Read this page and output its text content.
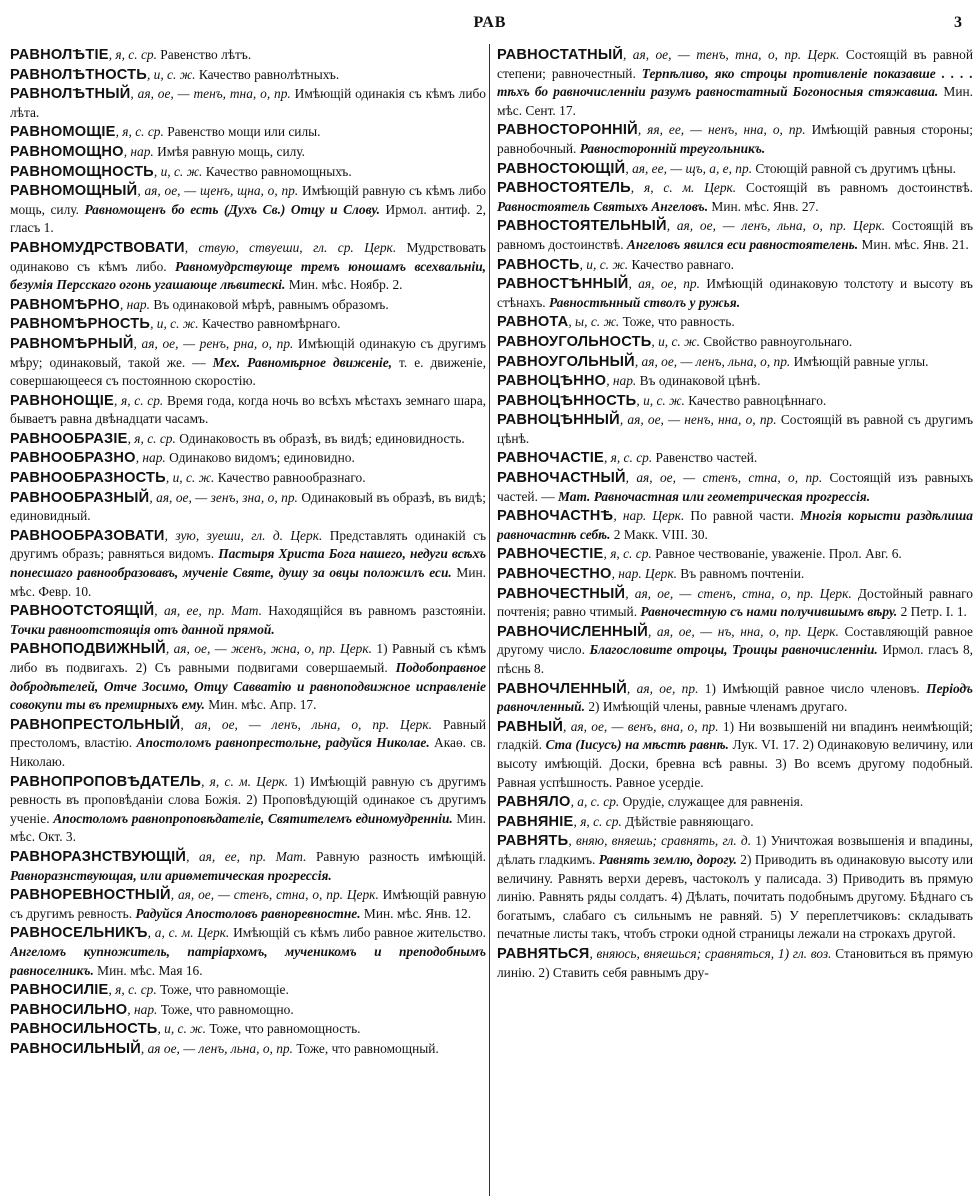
РАВ	3

РАВНОЛѢТІЕ, я, с. ср. Равенство лѣтъ.

РАВНОЛѢТНОСТЬ, и, с. ж. Качество равнолѣтныхъ.

РАВНОЛѢТНЫЙ, ая, ое, — тенъ, тна, о, пр. Имѣющій одинакія съ кѣмъ либо лѣта.

РАВНОМОЩІЕ, я, с. ср. Равенство мощи или силы.

РАВНОМОЩНО, нар. Имѣя равную мощь, силу.

РАВНОМОЩНОСТЬ, и, с. ж. Качество равномощныхъ.

РАВНОМОЩНЫЙ, ая, ое, — щенъ, щна, о, пр. Имѣющій равную съ кѣмъ либо мощь, силу. Равномощенъ бо есть (Духъ Св.) Отцу и Слову. Ирмол. антиф. 2, гласъ 1.

РАВНОМУДРСТВОВАТИ, ствую, ствуеши, гл. ср. Церк. Мудрствовать одинаково съ кѣмъ либо. Равномудрствующе тремъ юношамъ всехвальніи, безумія Персскаго огонь угашающе лѣвитескі. Мин. мѣс. Ноябр. 2.

РАВНОМѢРНО, нар. Въ одинаковой мѣрѣ, равнымъ образомъ.

РАВНОМѢРНОСТЬ, и, с. ж. Качество равномѣрнаго.

РАВНОМѢРНЫЙ, ая, ое, — ренъ, рна, о, пр. Имѣющій одинакую съ другимъ мѣру; одинаковый, такой же. — Мех. Равномѣрное движеніе, т. е. движеніе, совершающееся съ постоянною скоростію.

РАВНОНОЩІЕ, я, с. ср. Время года, когда ночь во всѣхъ мѣстахъ земнаго шара, бываетъ равна двѣнадцати часамъ.

РАВНООБРАЗІЕ, я, с. ср. Одинаковость въ образѣ, въ видѣ; единовидность.

РАВНООБРАЗНО, нар. Одинаково видомъ; единовидно.

РАВНООБРАЗНОСТЬ, и, с. ж. Качество равнообразнаго.

РАВНООБРАЗНЫЙ, ая, ое, — зенъ, зна, о, пр. Одинаковый въ образѣ, въ видѣ; единовидный.

РАВНООБРАЗОВАТИ, зую, зуеши, гл. д. Церк. Представлять одинакій съ другимъ образъ; равняться видомъ. Пастыря Христа Бога нашего, недуги всѣхъ понесшаго равнообразовавъ, мученіе Святе, душу за овцы положилъ еси. Мин. мѣс. Февр. 10.

РАВНООТСТОЯЩІЙ, ая, ее, пр. Мат. Находящійся въ равномъ разстояніи. Точки равноотстоящія отъ данной прямой.

РАВНОПОДВИЖНЫЙ, ая, ое, — женъ, жна, о, пр. Церк. 1) Равный съ кѣмъ либо въ подвигахъ. 2) Съ равными подвигами совершаемый. Подобоправное добродѣтелей, Отче Зосимо, Отцу Савватію и равноподвижное исправленіе совокупи ты въ премирныхъ ему. Мин. мѣс. Апр. 17.

РАВНОПРЕСТОЛЬНЫЙ, ая, ое, — ленъ, льна, о, пр. Церк. Равный престоломъ, властію. Апостоломъ равнопрестольне, радуйся Николае. Акаѳ. св. Николаю.

РАВНОПРОПОВѢДАТЕЛЬ, я, с. м. Церк. 1) Имѣющій равную съ другимъ ревность въ проповѣданіи слова Божія. 2) Проповѣдующій одинакое съ другимъ ученіе. Апостоломъ равнопроповѣдателіе, Святителемъ единомудренніи. Мин. мѣс. Окт. 3.

РАВНОРАЗНСТВУЮЩІЙ, ая, ее, пр. Мат. Равную разность имѣющій. Равноразнствующая, или ариѳметическая прогрессія.

РАВНОРЕВНОСТНЫЙ, ая, ое, — стенъ, стна, о, пр. Церк. Имѣющій равную съ другимъ ревность. Радуйся Апостоловъ равноревностне. Мин. мѣс. Янв. 12.

РАВНОСЕЛЬНИКЪ, а, с. м. Церк. Имѣющій съ кѣмъ либо равное жительство. Ангеломъ купножитель, патріархомъ, мученикомъ и преподобнымъ равноселникъ. Мин. мѣс. Мая 16.

РАВНОСИЛІЕ, я, с. ср. Тоже, что равномощіе.

РАВНОСИЛЬНО, нар. Тоже, что равномощно.

РАВНОСИЛЬНОСТЬ, и, с. ж. Тоже, что равномощность.

РАВНОСИЛЬНЫЙ, ая ое, — ленъ, льна, о, пр. Тоже, что равномощный.

РАВНОСТАТНЫЙ, ая, ое, — тенъ, тна, о, пр. Церк. Состоящій въ равной степени; равночестный. Терпѣливо, яко строцы противленіе показавше . . . . тѣхъ бо равночисленніи разумъ равностатный Богоносныя стяжавша. Мин. мѣс. Сент. 17.

РАВНОСТОРОННІЙ, яя, ее, — ненъ, нна, о, пр. Имѣющій равныя стороны; равнобочный. Равносторонній треугольникъ.

РАВНОСТОЮЩІЙ, ая, ее, — щъ, а, е, пр. Стоющій равной съ другимъ цѣны.

РАВНОСТОЯТЕЛЬ, я, с. м. Церк. Состоящій въ равномъ достоинствѣ. Равностоятель Святыхъ Ангеловъ. Мин. мѣс. Янв. 27.

РАВНОСТОЯТЕЛЬНЫЙ, ая, ое, — ленъ, льна, о, пр. Церк. Состоящій въ равномъ достоинствѣ. Ангеловъ явился еси равностоятелень. Мин. мѣс. Янв. 21.

РАВНОСТЬ, и, с. ж. Качество равнаго.

РАВНОСТѢННЫЙ, ая, ое, пр. Имѣющій одинаковую толстоту и высоту въ стѣнахъ. Равностѣнный стволъ у ружья.

РАВНОТА, ы, с. ж. Тоже, что равность.

РАВНОУГОЛЬНОСТЬ, и, с. ж. Свойство равноугольнаго.

РАВНОУГОЛЬНЫЙ, ая, ое, — ленъ, льна, о, пр. Имѣющій равные углы.

РАВНОЦѢННО, нар. Въ одинаковой цѣнѣ.

РАВНОЦѢННОСТЬ, и, с. ж. Качество равноцѣннаго.

РАВНОЦѢННЫЙ, ая, ое, — ненъ, нна, о, пр. Состоящій въ равной съ другимъ цѣнѣ.

РАВНОЧАСТІЕ, я, с. ср. Равенство частей.

РАВНОЧАСТНЫЙ, ая, ое, — стенъ, стна, о, пр. Состоящій изъ равныхъ частей. — Мат. Равночастная или геометрическая прогрессія.

РАВНОЧАСТНѢ, нар. Церк. По равной части. Многія корысти раздѣлиша равночастнѣ себѣ. 2 Макк. VIII. 30.

РАВНОЧЕСТІЕ, я, с. ср. Равное чествованіе, уваженіе. Прол. Авг. 6.

РАВНОЧЕСТНО, нар. Церк. Въ равномъ почтеніи.

РАВНОЧЕСТНЫЙ, ая, ое, — стенъ, стна, о, пр. Церк. Достойный равнаго почтенія; равно чтимый. Равночестную съ нами получившымъ вѣру. 2 Петр. I. 1.

РАВНОЧИСЛЕННЫЙ, ая, ое, — нъ, нна, о, пр. Церк. Составляющій равное другому число. Благословите отроцы, Троицы равночисленніи. Ирмол. гласъ 8, пѣснь 8.

РАВНОЧЛЕННЫЙ, ая, ое, пр. 1) Имѣющій равное число членовъ. Періодъ равночленный. 2) Имѣющій члены, равные членамъ другаго.

РАВНЫЙ, ая, ое, — венъ, вна, о, пр. 1) Ни возвышеній ни впадинъ неимѣющій; гладкій. Ста (Іисусъ) на мѣстѣ равнѣ. Лук. VI. 17. 2) Одинаковую величину, или высоту имѣющій. Доски, бревна всѣ равны. 3) Во всемъ другому подобный. Равная успѣшность. Равное усердіе.

РАВНЯЛО, а, с. ср. Орудіе, служащее для равненія.

РАВНЯНІЕ, я, с. ср. Дѣйствіе равняющаго.

РАВНЯТЬ, вняю, вняешь; сравнять, гл. д. 1) Уничтожая возвышенія и впадины, дѣлать гладкимъ. Равнять землю, дорогу. 2) Приводить въ одинаковую высоту или величину. Равнять верхи деревъ, частоколъ у палисада. 3) Приводить въ прямую линію. Равнять ряды солдатъ. 4) Дѣлать, почитать подобнымъ другому. Бѣднаго съ богатымъ, слабаго съ сильнымъ не равняй. 5) У переплетчиковъ: складывать печатные листы такъ, чтобъ строки одной страницы лежали на строкахъ другой.

РАВНЯТЬСЯ, вняюсь, вняешься; сравняться, 1) гл. воз. Становиться въ прямую линію. 2) Ставить себя равнымъ дру-
